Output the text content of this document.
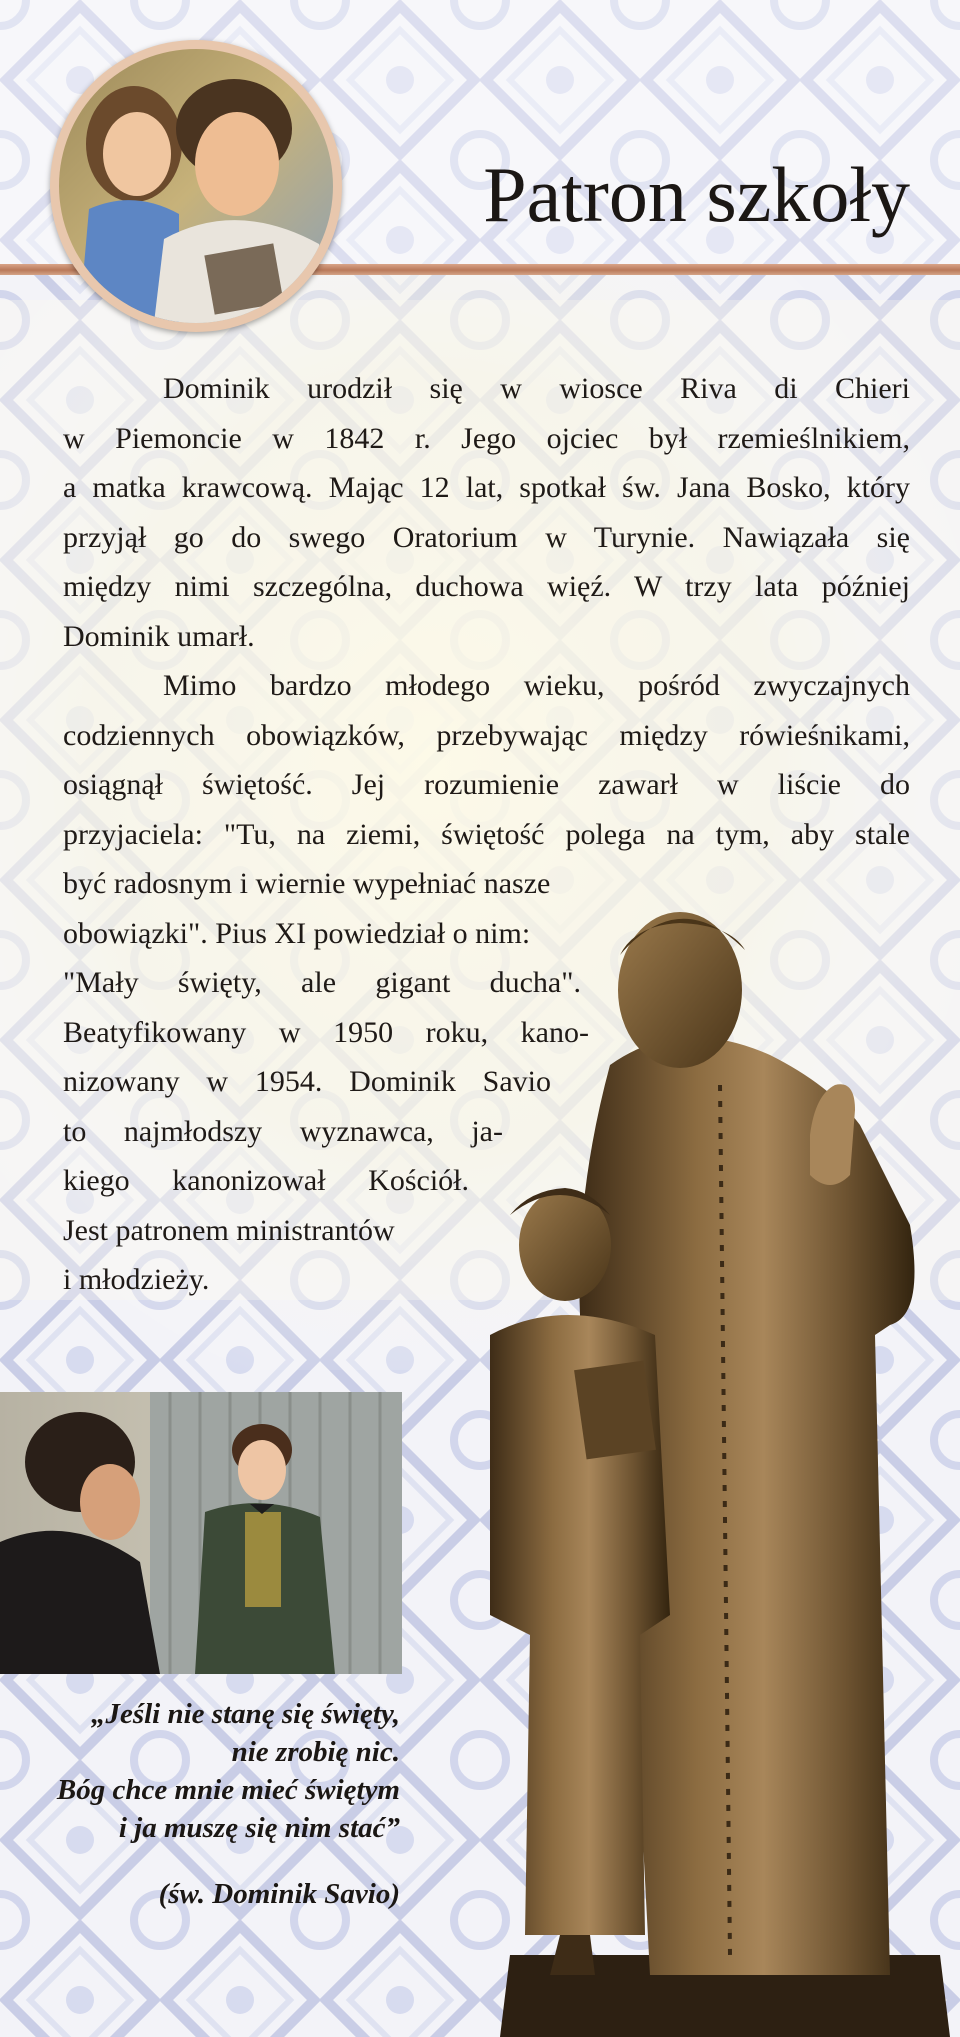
Patron szkoły

Dominik urodził się w wiosce Riva di Chieri
w Piemoncie w 1842 r. Jego ojciec był rzemieślnikiem,
a matka krawcową. Mając 12 lat, spotkał św. Jana Bosko, który
przyjął go do swego Oratorium w Turynie. Nawiązała się
między nimi szczególna, duchowa więź. W trzy lata później
Dominik umarł.

Mimo bardzo młodego wieku, pośród zwyczajnych
codziennych obowiązków, przebywając między rówieśnikami,
osiągnął świętość. Jej rozumienie zawarł w liście do
przyjaciela: "Tu, na ziemi, świętość polega na tym, aby stale
być radosnym i wiernie wypełniać nasze
obowiązki". Pius XI powiedział o nim:
"Mały święty, ale gigant ducha".
Beatyfikowany w 1950 roku, kano-
nizowany w 1954. Dominik Savio
to najmłodszy wyznawca, ja-
kiego kanonizował Kościół.
Jest patronem ministrantów
i młodzieży.

„Jeśli nie stanę się święty,

nie zrobię nic.

Bóg chce mnie mieć świętym

i ja muszę się nim stać”

(św. Dominik Savio)
